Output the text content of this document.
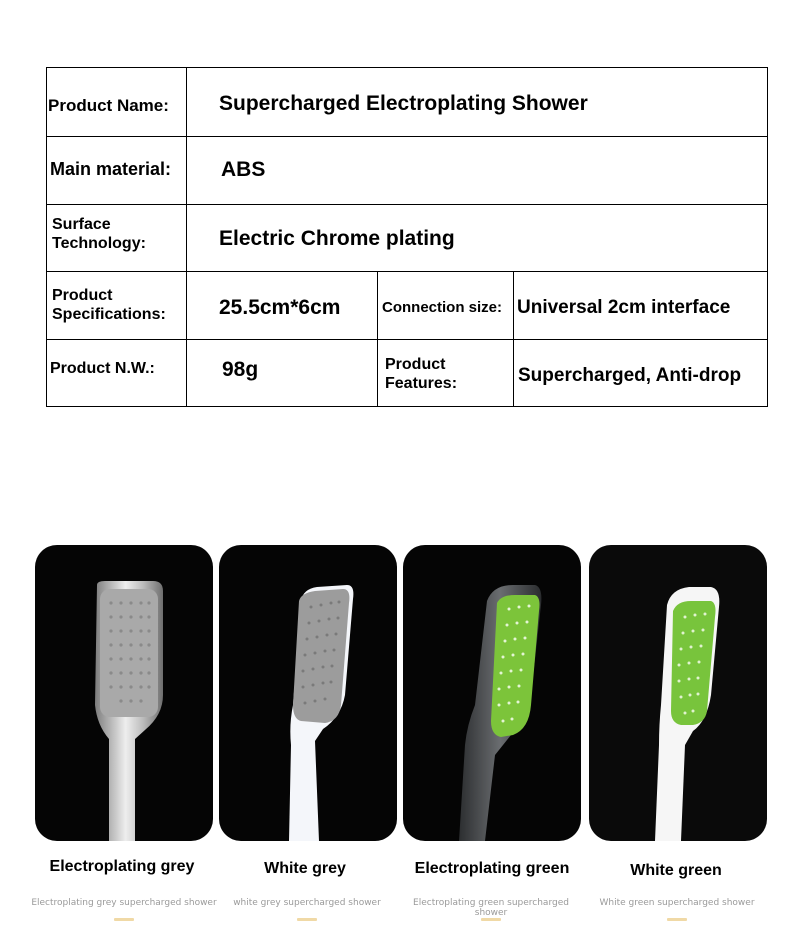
Product Name: Supercharged Electroplating Shower
Main material: ABS
Surface
Technology:	Electric Chrome plating
Product
Specifications:	25.5cm*6cm	Connection size: Universal 2cm interface
Product N.W.:	98g	Product
Features:	Supercharged, Anti-drop
Electroplating grey	White grey	Electroplating green	White green
Electroplating grey supercharged shower	white grey supercharged shower	Electroplating green supercharged shower
White green supercharged shower
